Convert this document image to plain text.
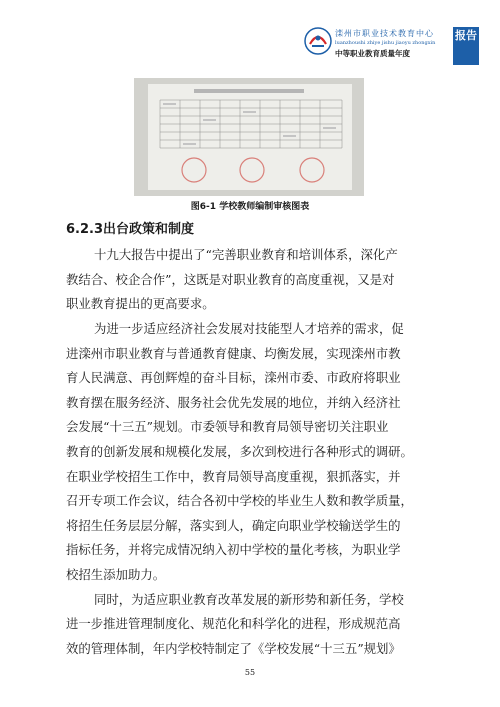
滦州市职业技术教育中心
luanzhoushi zhiye jishu jiaoyu zhongxin
中等职业教育质量年度
报告
图6-1 学校教师编制审核图表
6.2.3出台政策和制度
十九大报告中提出了“完善职业教育和培训体系，深化产
教结合、校企合作”，这既是对职业教育的高度重视，又是对
职业教育提出的更高要求。
为进一步适应经济社会发展对技能型人才培养的需求，促
进滦州市职业教育与普通教育健康、均衡发展，实现滦州市教
育人民满意、再创辉煌的奋斗目标，滦州市委、市政府将职业
教育摆在服务经济、服务社会优先发展的地位，并纳入经济社
会发展“十三五”规划。市委领导和教育局领导密切关注职业
教育的创新发展和规模化发展，多次到校进行各种形式的调研。
在职业学校招生工作中，教育局领导高度重视，狠抓落实，并
召开专项工作会议，结合各初中学校的毕业生人数和教学质量，
将招生任务层层分解，落实到人，确定向职业学校输送学生的
指标任务，并将完成情况纳入初中学校的量化考核，为职业学
校招生添加助力。
同时，为适应职业教育改革发展的新形势和新任务，学校
进一步推进管理制度化、规范化和科学化的进程，形成规范高
效的管理体制，年内学校特制定了《学校发展“十三五”规划》
55
